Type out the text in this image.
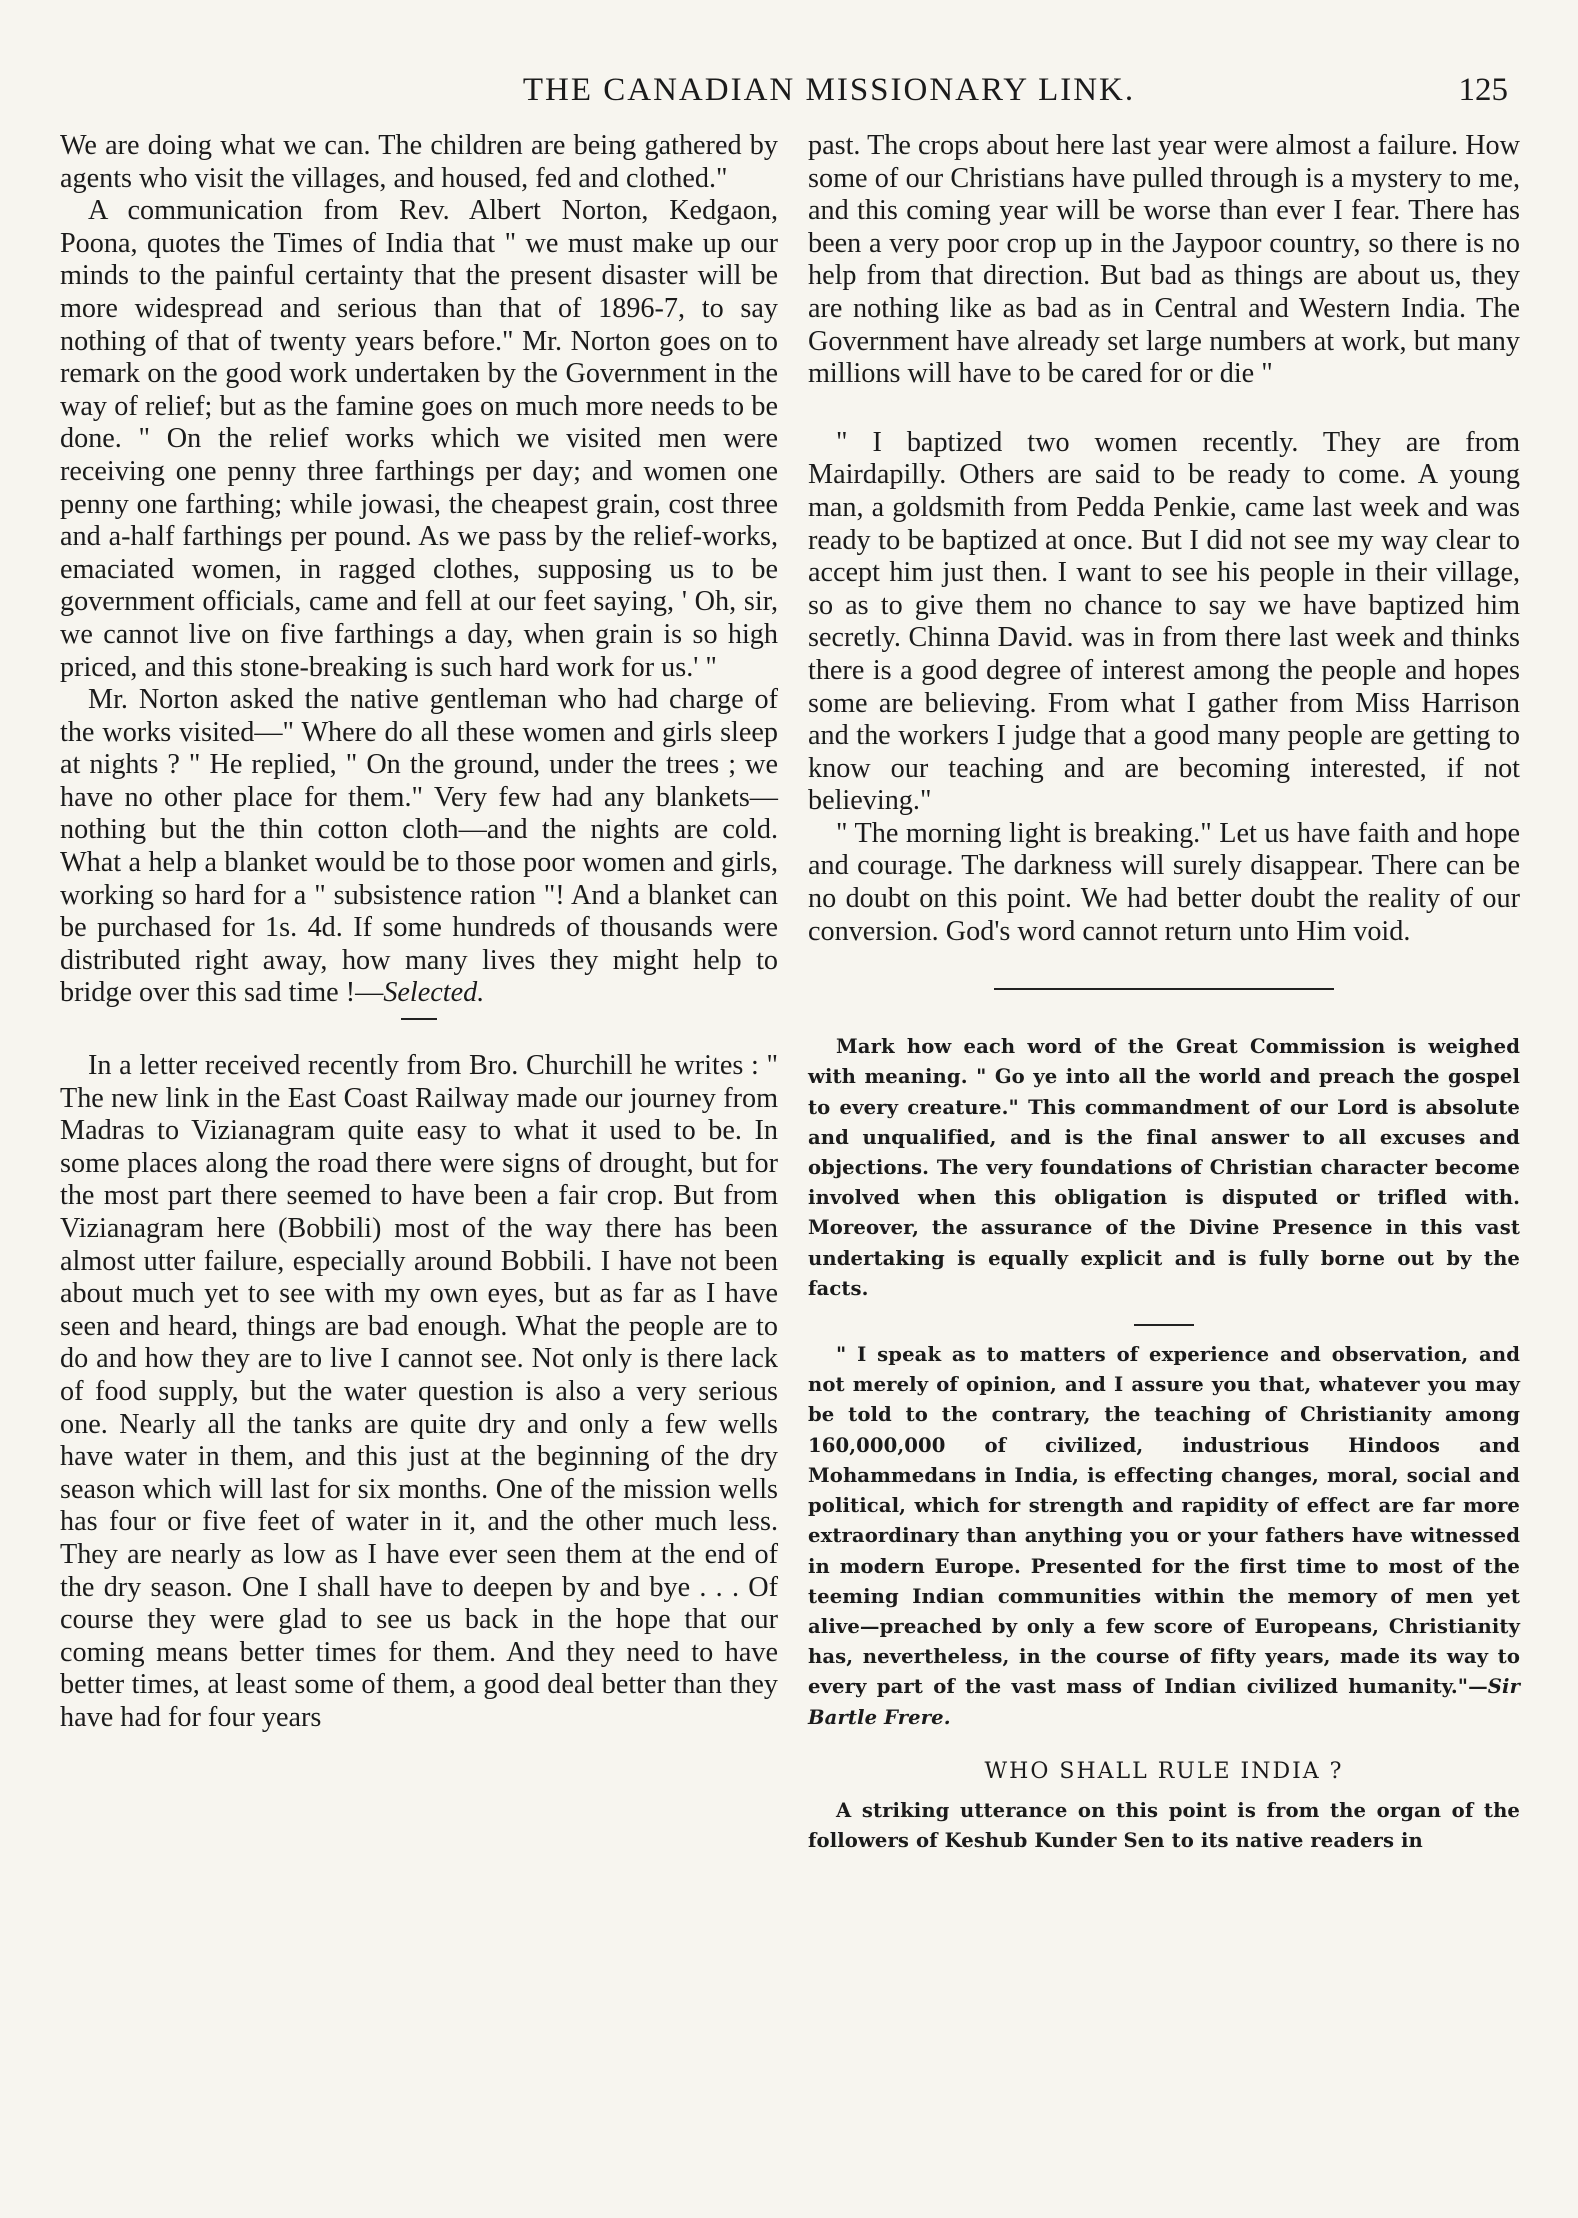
THE CANADIAN MISSIONARY LINK.	125

We are doing what we can. The children are being gathered by agents who visit the villages, and housed, fed and clothed."

A communication from Rev. Albert Norton, Kedgaon, Poona, quotes the Times of India that " we must make up our minds to the painful certainty that the present disaster will be more widespread and serious than that of 1896-7, to say nothing of that of twenty years before." Mr. Norton goes on to remark on the good work undertaken by the Government in the way of relief; but as the famine goes on much more needs to be done. " On the relief works which we visited men were receiving one penny three farthings per day; and women one penny one farthing; while jowasi, the cheapest grain, cost three and a-half farthings per pound. As we pass by the relief-works, emaciated women, in ragged clothes, supposing us to be government officials, came and fell at our feet saying, ' Oh, sir, we cannot live on five farthings a day, when grain is so high priced, and this stone-breaking is such hard work for us.' "

Mr. Norton asked the native gentleman who had charge of the works visited—" Where do all these women and girls sleep at nights ? " He replied, " On the ground, under the trees ; we have no other place for them." Very few had any blankets—nothing but the thin cotton cloth—and the nights are cold. What a help a blanket would be to those poor women and girls, working so hard for a " subsistence ration "! And a blanket can be purchased for 1s. 4d. If some hundreds of thousands were distributed right away, how many lives they might help to bridge over this sad time !—Selected.

In a letter received recently from Bro. Churchill he writes : " The new link in the East Coast Railway made our journey from Madras to Vizianagram quite easy to what it used to be. In some places along the road there were signs of drought, but for the most part there seemed to have been a fair crop. But from Vizianagram here (Bobbili) most of the way there has been almost utter failure, especially around Bobbili. I have not been about much yet to see with my own eyes, but as far as I have seen and heard, things are bad enough. What the people are to do and how they are to live I cannot see. Not only is there lack of food supply, but the water question is also a very serious one. Nearly all the tanks are quite dry and only a few wells have water in them, and this just at the beginning of the dry season which will last for six months. One of the mission wells has four or five feet of water in it, and the other much less. They are nearly as low as I have ever seen them at the end of the dry season. One I shall have to deepen by and bye . . . Of course they were glad to see us back in the hope that our coming means better times for them. And they need to have better times, at least some of them, a good deal better than they have had for four years

past. The crops about here last year were almost a failure. How some of our Christians have pulled through is a mystery to me, and this coming year will be worse than ever I fear. There has been a very poor crop up in the Jaypoor country, so there is no help from that direction. But bad as things are about us, they are nothing like as bad as in Central and Western India. The Government have already set large numbers at work, but many millions will have to be cared for or die "

" I baptized two women recently. They are from Mairdapilly. Others are said to be ready to come. A young man, a goldsmith from Pedda Penkie, came last week and was ready to be baptized at once. But I did not see my way clear to accept him just then. I want to see his people in their village, so as to give them no chance to say we have baptized him secretly. Chinna David. was in from there last week and thinks there is a good degree of interest among the people and hopes some are believing. From what I gather from Miss Harrison and the workers I judge that a good many people are getting to know our teaching and are becoming interested, if not believing."

" The morning light is breaking." Let us have faith and hope and courage. The darkness will surely disappear. There can be no doubt on this point. We had better doubt the reality of our conversion. God's word cannot return unto Him void.

Mark how each word of the Great Commission is weighed with meaning. " Go ye into all the world and preach the gospel to every creature." This commandment of our Lord is absolute and unqualified, and is the final answer to all excuses and objections. The very foundations of Christian character become involved when this obligation is disputed or trifled with. Moreover, the assurance of the Divine Presence in this vast undertaking is equally explicit and is fully borne out by the facts.

" I speak as to matters of experience and observation, and not merely of opinion, and I assure you that, whatever you may be told to the contrary, the teaching of Christianity among 160,000,000 of civilized, industrious Hindoos and Mohammedans in India, is effecting changes, moral, social and political, which for strength and rapidity of effect are far more extraordinary than anything you or your fathers have witnessed in modern Europe. Presented for the first time to most of the teeming Indian communities within the memory of men yet alive—preached by only a few score of Europeans, Christianity has, nevertheless, in the course of fifty years, made its way to every part of the vast mass of Indian civilized humanity."—Sir Bartle Frere.

WHO SHALL RULE INDIA ?

A striking utterance on this point is from the organ of the followers of Keshub Kunder Sen to its native readers in
